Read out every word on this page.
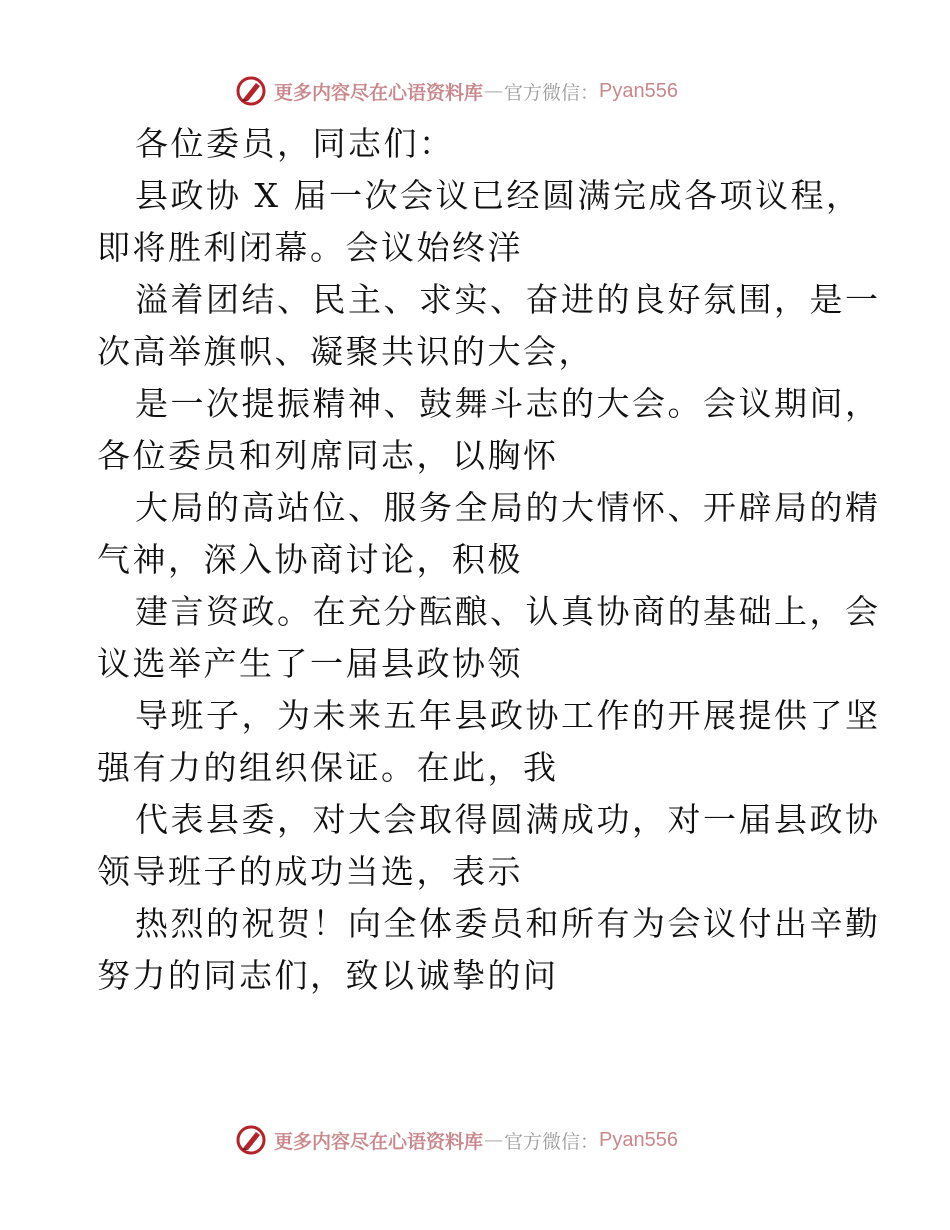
更多内容尽在心语资料库 — 官方微信： Pyan556
各位委员，同志们：
县政协 X 届一次会议已经圆满完成各项议程，
即将胜利闭幕。会议始终洋
溢着团结、民主、求实、奋进的良好氛围，是一
次高举旗帜、凝聚共识的大会，
是一次提振精神、鼓舞斗志的大会。会议期间，
各位委员和列席同志，以胸怀
大局的高站位、服务全局的大情怀、开辟局的精
气神，深入协商讨论，积极
建言资政。在充分酝酿、认真协商的基础上，会
议选举产生了一届县政协领
导班子，为未来五年县政协工作的开展提供了坚
强有力的组织保证。在此，我
代表县委，对大会取得圆满成功，对一届县政协
领导班子的成功当选，表示
热烈的祝贺！向全体委员和所有为会议付出辛勤
努力的同志们，致以诚挚的问
更多内容尽在心语资料库 — 官方微信： Pyan556
